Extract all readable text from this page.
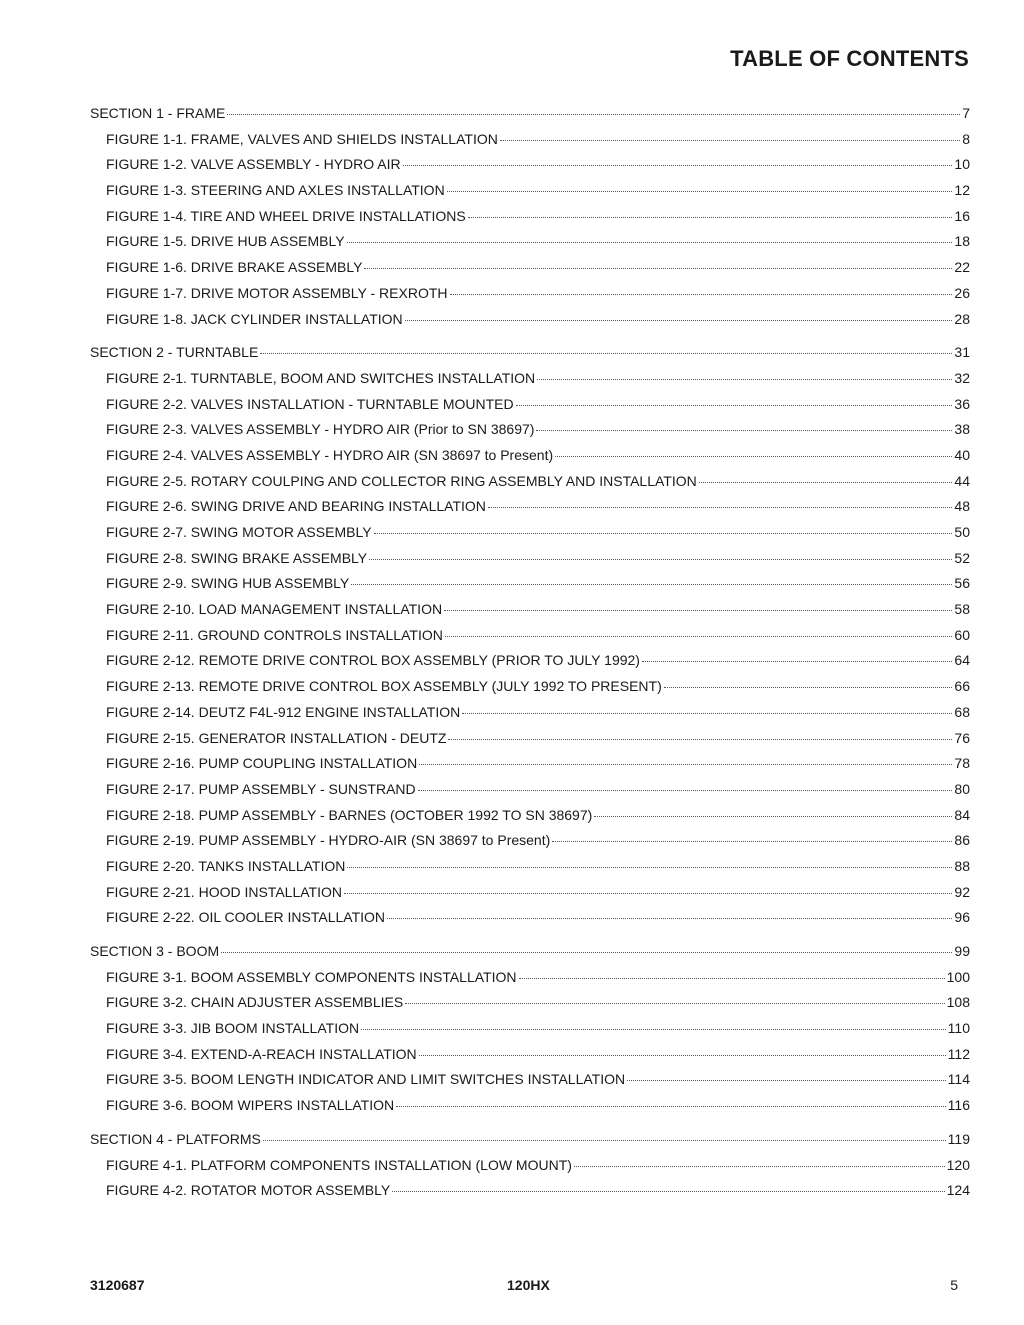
TABLE OF CONTENTS
SECTION 1 - FRAME	7
FIGURE 1-1. FRAME, VALVES AND SHIELDS INSTALLATION	8
FIGURE 1-2. VALVE ASSEMBLY - HYDRO AIR	10
FIGURE 1-3. STEERING AND AXLES INSTALLATION	12
FIGURE 1-4. TIRE AND WHEEL DRIVE INSTALLATIONS	16
FIGURE 1-5. DRIVE HUB ASSEMBLY	18
FIGURE 1-6. DRIVE BRAKE ASSEMBLY	22
FIGURE 1-7. DRIVE MOTOR ASSEMBLY - REXROTH	26
FIGURE 1-8. JACK CYLINDER INSTALLATION	28
SECTION 2 - TURNTABLE	31
FIGURE 2-1. TURNTABLE, BOOM AND SWITCHES INSTALLATION	32
FIGURE 2-2. VALVES INSTALLATION - TURNTABLE MOUNTED	36
FIGURE 2-3. VALVES ASSEMBLY - HYDRO AIR (Prior to SN 38697)	38
FIGURE 2-4. VALVES ASSEMBLY - HYDRO AIR (SN 38697 to Present)	40
FIGURE 2-5. ROTARY COULPING AND COLLECTOR RING ASSEMBLY AND INSTALLATION	44
FIGURE 2-6. SWING DRIVE AND BEARING INSTALLATION	48
FIGURE 2-7. SWING MOTOR ASSEMBLY	50
FIGURE 2-8. SWING BRAKE ASSEMBLY	52
FIGURE 2-9. SWING HUB ASSEMBLY	56
FIGURE 2-10. LOAD MANAGEMENT INSTALLATION	58
FIGURE 2-11. GROUND CONTROLS INSTALLATION	60
FIGURE 2-12. REMOTE DRIVE CONTROL BOX ASSEMBLY (PRIOR TO JULY 1992)	64
FIGURE 2-13. REMOTE DRIVE CONTROL BOX ASSEMBLY (JULY 1992 TO PRESENT)	66
FIGURE 2-14. DEUTZ F4L-912 ENGINE INSTALLATION	68
FIGURE 2-15. GENERATOR INSTALLATION - DEUTZ	76
FIGURE 2-16. PUMP COUPLING INSTALLATION	78
FIGURE 2-17. PUMP ASSEMBLY - SUNSTRAND	80
FIGURE 2-18. PUMP ASSEMBLY - BARNES (OCTOBER 1992 TO SN 38697)	84
FIGURE 2-19. PUMP ASSEMBLY - HYDRO-AIR (SN 38697 to Present)	86
FIGURE 2-20. TANKS INSTALLATION	88
FIGURE 2-21. HOOD INSTALLATION	92
FIGURE 2-22. OIL COOLER INSTALLATION	96
SECTION 3 - BOOM	99
FIGURE 3-1. BOOM ASSEMBLY COMPONENTS INSTALLATION	100
FIGURE 3-2. CHAIN ADJUSTER ASSEMBLIES	108
FIGURE 3-3. JIB BOOM INSTALLATION	110
FIGURE 3-4. EXTEND-A-REACH INSTALLATION	112
FIGURE 3-5. BOOM LENGTH INDICATOR AND LIMIT SWITCHES INSTALLATION	114
FIGURE 3-6. BOOM WIPERS INSTALLATION	116
SECTION 4 - PLATFORMS	119
FIGURE 4-1. PLATFORM COMPONENTS INSTALLATION (LOW MOUNT)	120
FIGURE 4-2. ROTATOR MOTOR ASSEMBLY	124
3120687	120HX	5
